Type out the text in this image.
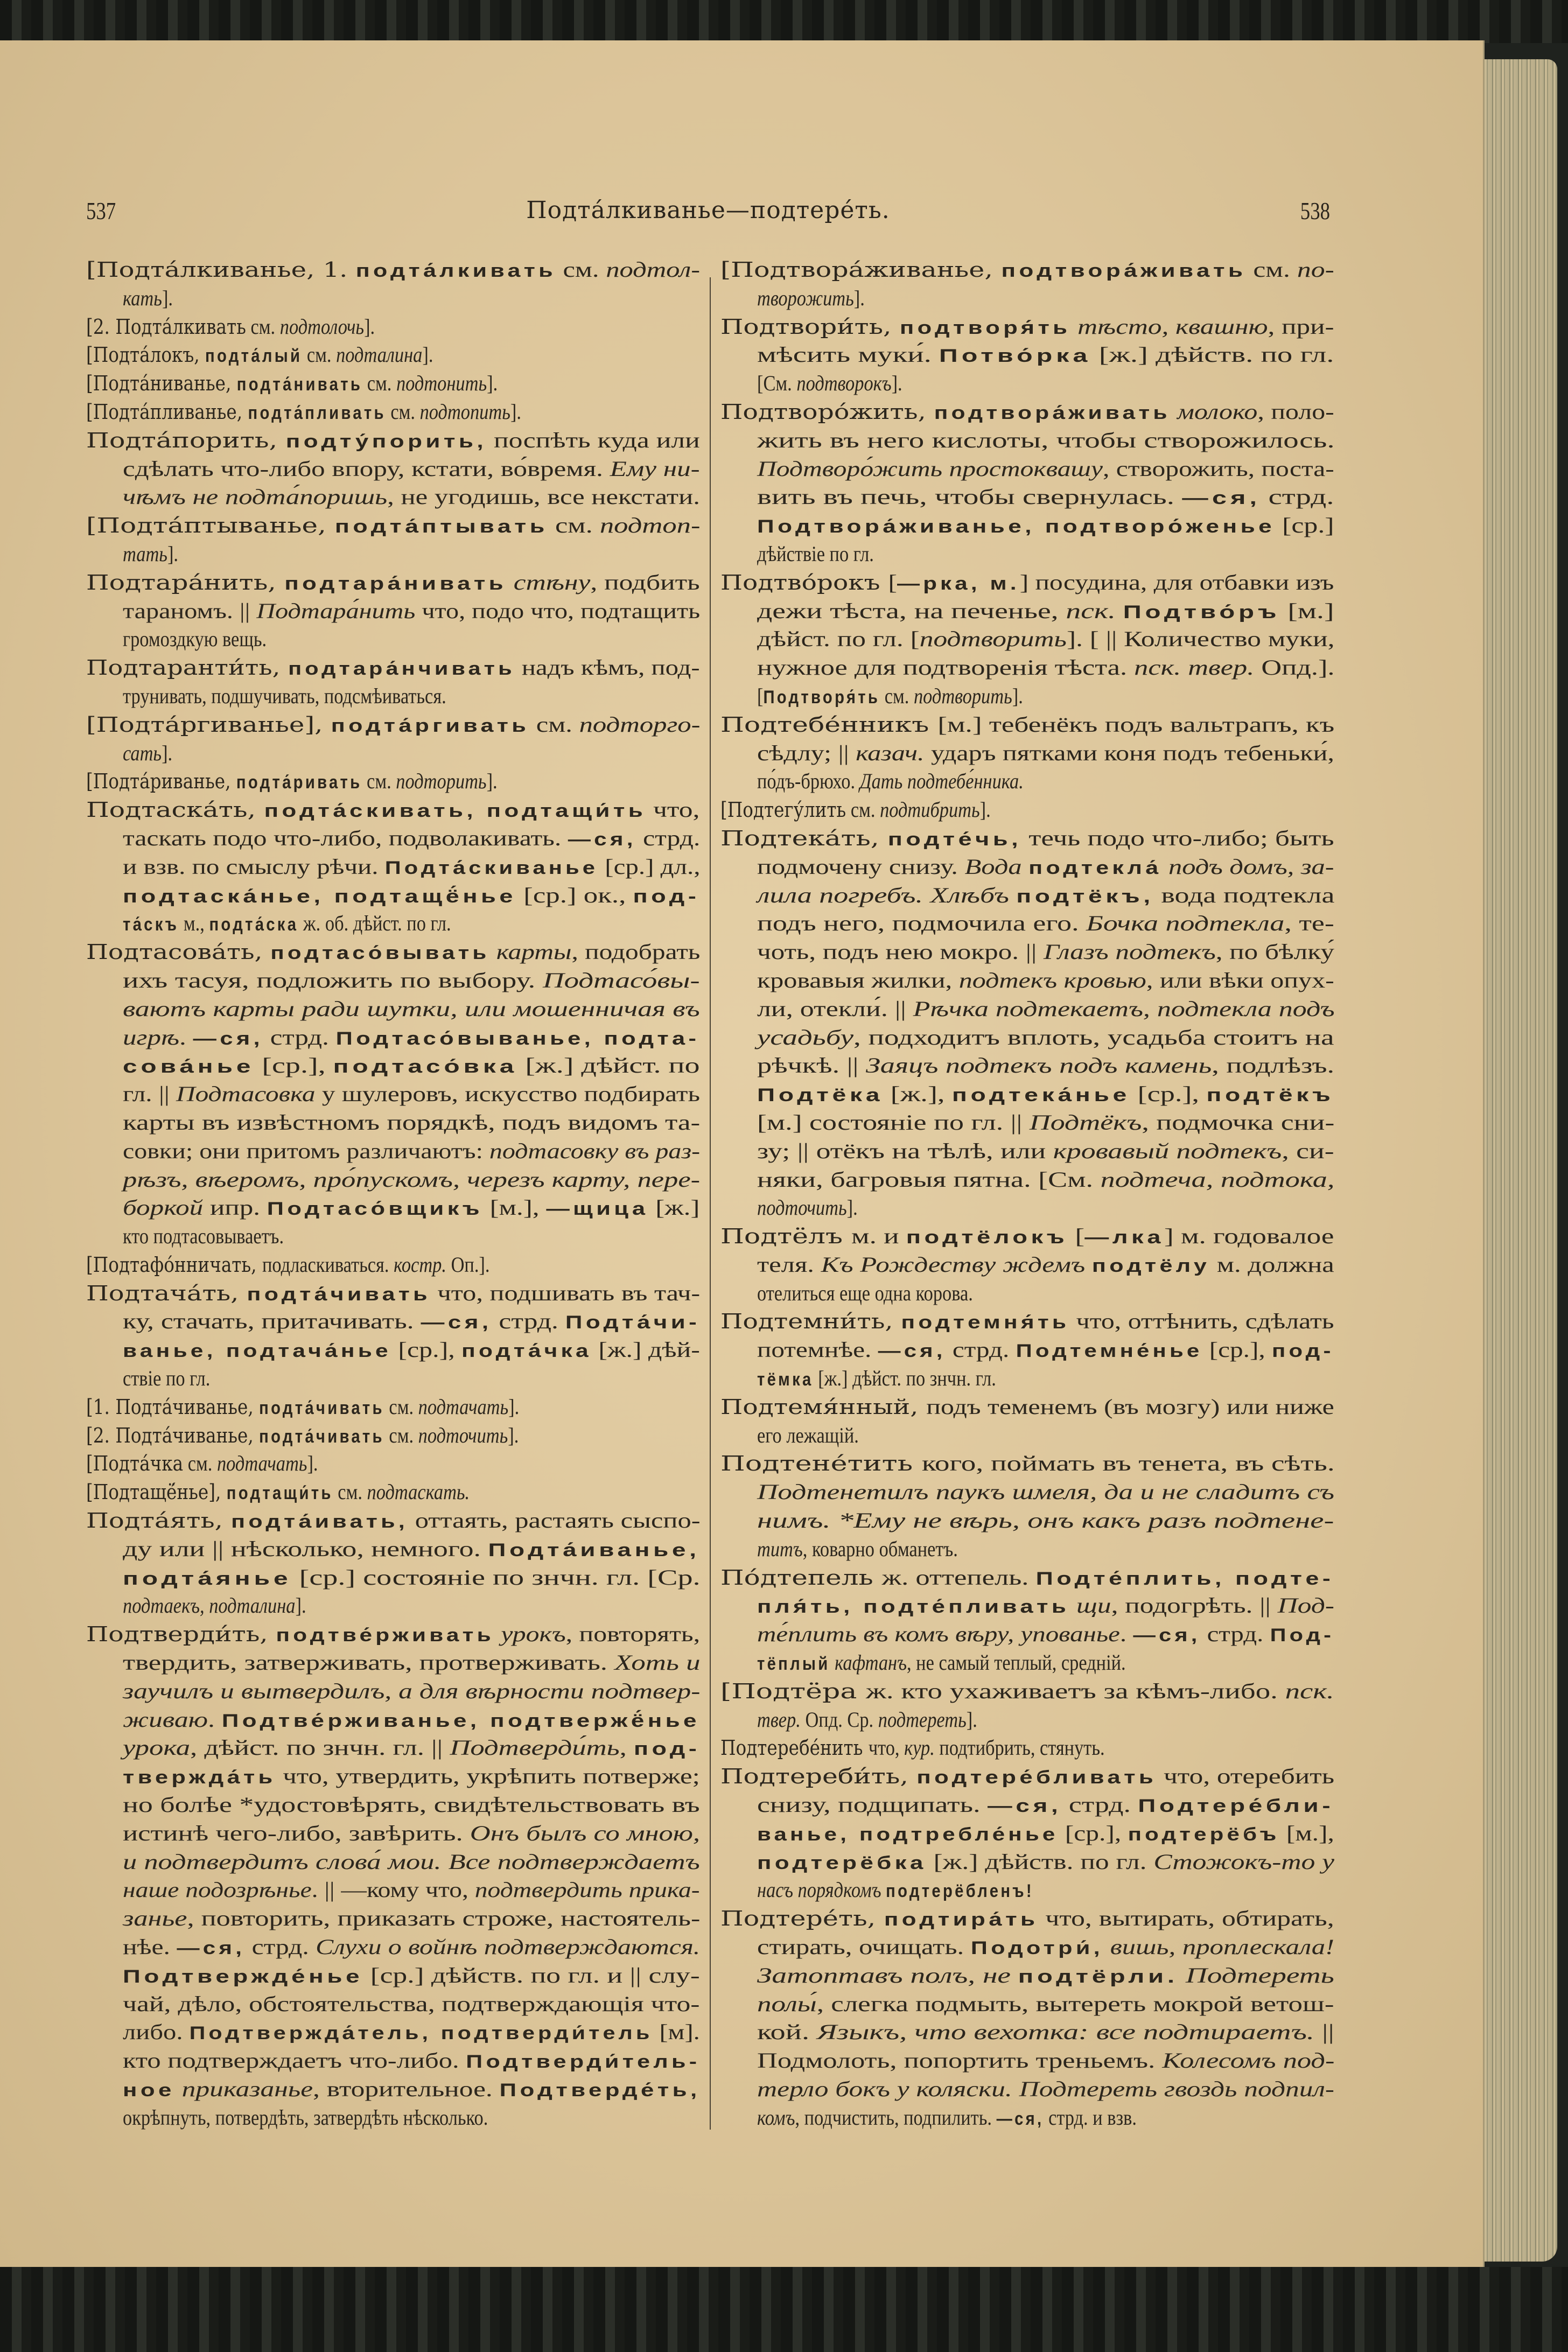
537	Подта́лкиванье—подтере́ть.	538
[Подта́лкиванье, 1. подта́лкивать см. подтол-
кать].
[2. Подта́лкивать см. подтолочь].
[Подта́локъ, подта́лый см. подталина].
[Подта́ниванье, подта́нивать см. подтонить].
[Подта́пливанье, подта́пливать см. подтопить].
Подта́порить, подту́порить, поспѣть куда или
сдѣлать что-либо впору, кстати, во́время. Ему ни-
чѣмъ не подта́поришь, не угодишь, все некстати.
[Подта́птыванье, подта́птывать см. подтоп-
тать].
Подтара́нить, подтара́нивать стѣну, подбить
тараномъ. || Подтара́нить что, подо что, подтащить
громоздкую вещь.
Подтаранти́ть, подтара́нчивать надъ кѣмъ, под-
трунивать, подшучивать, подсмѣиваться.
[Подта́ргиванье], подта́ргивать см. подторго-
сать].
[Подта́риванье, подта́ривать см. подторить].
Подтаска́ть, подта́скивать, подтащи́ть что,
таскать подо что-либо, подволакивать. —ся, стрд.
и взв. по смыслу рѣчи. Подта́скиванье [ср.] дл.,
подтаска́нье, подтащё́нье [ср.] ок., под-
та́скъ м., подта́ска ж. об. дѣйст. по гл.
Подтасова́ть, подтасо́вывать карты, подобрать
ихъ тасуя, подложить по выбору. Подтасо́вы-
ваютъ карты ради шутки, или мошенничая въ
игрѣ. —ся, стрд. Подтасо́выванье, подта-
сова́нье [ср.], подтасо́вка [ж.] дѣйст. по
гл. || Подтасовка у шулеровъ, искусство подбирать
карты въ извѣстномъ порядкѣ, подъ видомъ та-
совки; они притомъ различаютъ: подтасовку въ раз-
рѣзъ, вѣеромъ, про́пускомъ, черезъ карту, пере-
боркой ипр. Подтасо́вщикъ [м.], —щица [ж.]
кто подтасовываетъ.
[Подтафо́нничать, подласкиваться. костр. Оп.].
Подтача́ть, подта́чивать что, подшивать въ тач-
ку, стачать, притачивать. —ся, стрд. Подта́чи-
ванье, подтача́нье [ср.], подта́чка [ж.] дѣй-
ствіе по гл.
[1. Подта́чиванье, подта́чивать см. подтачать].
[2. Подта́чиванье, подта́чивать см. подточить].
[Подта́чка см. подтачать].
[Подтащё́нье], подтащи́ть см. подтаскать.
Подта́ять, подта́ивать, оттаять, растаять сыспо-
ду или || нѣсколько, немного. Подта́иванье,
подта́янье [ср.] состояніе по знчн. гл. [Ср.
подтаекъ, подталина].
Подтверди́ть, подтве́рживать урокъ, повторять,
твердить, затверживать, протверживать. Хоть и
заучилъ и вытвердилъ, а для вѣрности подтвер-
живаю. Подтве́рживанье, подтвержё́нье
урока, дѣйст. по знчн. гл. || Подтверди́ть, под-
твержда́ть что, утвердить, укрѣпить потверже;
но болѣе *удостовѣрять, свидѣтельствовать въ
истинѣ чего-либо, завѣрить. Онъ былъ со мною,
и подтвердитъ слова́ мои. Все подтверждаетъ
наше подозрѣнье. || —кому что, подтвердить прика-
занье, повторить, приказать строже, настоятель-
нѣе. —ся, стрд. Слухи о войнѣ подтверждаются.
Подтвержде́нье [ср.] дѣйств. по гл. и || слу-
чай, дѣло, обстоятельства, подтверждающія что-
либо. Подтвержда́тель, подтверди́тель [м].
кто подтверждаетъ что-либо. Подтверди́тель-
ное приказанье, вторительное. Подтверде́ть,
окрѣпнуть, потвердѣть, затвердѣть нѣсколько.
[Подтвора́живанье, подтвора́живать см. по-
творожить].
Подтвори́ть, подтворя́ть тѣсто, квашню, при-
мѣсить муки́. Потво́рка [ж.] дѣйств. по гл.
[См. подтворокъ].
Подтворо́жить, подтвора́живать молоко, поло-
жить въ него кислоты, чтобы створожилось.
Подтворо́жить простоквашу, створожить, поста-
вить въ печь, чтобы свернулась. —ся, стрд.
Подтвора́живанье, подтворо́женье [ср.]
дѣйствіе по гл.
Подтво́рокъ [—рка, м.] посудина, для отбавки изъ
дежи тѣста, на печенье, пск. Подтво́ръ [м.]
дѣйст. по гл. [подтворить]. [ || Количество муки,
нужное для подтворенія тѣста. пск. твер. Опд.].
[Подтворя́ть см. подтворить].
Подтебе́нникъ [м.] тебенёкъ подъ вальтрапъ, къ
сѣдлу; || казач. ударъ пятками коня подъ тебеньки́,
по́дъ-брюхо. Дать подтебе́нника.
[Подтегу́лить см. подтибрить].
Подтека́ть, подте́чь, течь подо что-либо; быть
подмочену снизу. Вода подтекла́ подъ домъ, за-
лила погребъ. Хлѣбъ подтёкъ, вода подтекла
подъ него, подмочила его. Бочка подтекла, те-
чоть, подъ нею мокро. || Глазъ подтекъ, по бѣлку́
кровавыя жилки, подтекъ кровью, или вѣки опух-
ли, отекли́. || Рѣчка подтекаетъ, подтекла подъ
усадьбу, подходитъ вплоть, усадьба стоитъ на
рѣчкѣ. || Заяцъ подтекъ подъ камень, подлѣзъ.
Подтёка [ж.], подтека́нье [ср.], подтёкъ
[м.] состояніе по гл. || Подтёкъ, подмочка сни-
зу; || отёкъ на тѣлѣ, или кровавый подтекъ, си-
няки, багровыя пятна. [См. подтеча, подтока,
подточить].
Подтёлъ м. и подтёлокъ [—лка] м. годовалое
теля. Къ Рождеству ждемъ подтёлу м. должна
отелиться еще одна корова.
Подтемни́ть, подтемня́ть что, оттѣнить, сдѣлать
потемнѣе. —ся, стрд. Подтемне́нье [ср.], под-
тёмка [ж.] дѣйст. по знчн. гл.
Подтемя́нный, подъ теменемъ (въ мозгу) или ниже
его лежащій.
Подтене́тить кого, поймать въ тенета, въ сѣть.
Подтенетилъ паукъ шмеля, да и не сладитъ съ
нимъ. *Ему не вѣрь, онъ какъ разъ подтене-
титъ, коварно обманетъ.
По́дтепель ж. оттепель. Подте́плить, подте-
пля́ть, подте́пливать щи, подогрѣть. || Под-
те́плить въ комъ вѣру, упованье. —ся, стрд. Под-
тёплый кафтанъ, не самый теплый, средній.
[Подтёра ж. кто ухаживаетъ за кѣмъ-либо. пск.
твер. Опд. Ср. подтереть].
Подтеребе́нить что, кур. подтибрить, стянуть.
Подтереби́ть, подтере́бливать что, отеребить
снизу, подщипать. —ся, стрд. Подтере́бли-
ванье, подтребле́нье [ср.], подтерёбъ [м.],
подтерёбка [ж.] дѣйств. по гл. Стожокъ-то у
насъ порядкомъ подтерёбленъ!
Подтере́ть, подтира́ть что, вытирать, обтирать,
стирать, очищать. Подотри́, вишь, проплескала!
Затоптавъ полъ, не подтёрли. Подтереть
полы́, слегка подмыть, вытереть мокрой ветош-
кой. Языкъ, что вехотка: все подтираетъ. ||
Подмолоть, попортить треньемъ. Колесомъ под-
терло бокъ у коляски. Подтереть гвоздь подпил-
комъ, подчистить, подпилить. —ся, стрд. и взв.
